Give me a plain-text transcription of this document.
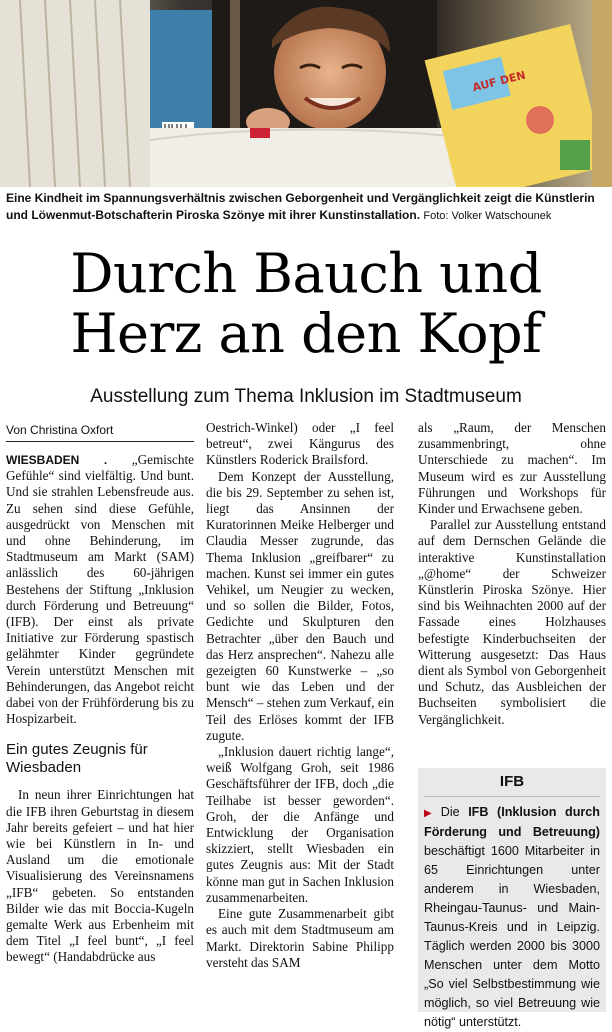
AUF DEN
Eine Kindheit im Spannungsverhältnis zwischen Geborgenheit und Vergänglichkeit zeigt die Künstlerin und Löwenmut-Botschafterin Piroska Szönye mit ihrer Kunstinstallation. Foto: Volker Watschounek
Durch Bauch und
Herz an den Kopf
Ausstellung zum Thema Inklusion im Stadtmuseum
Von Christina Oxfort

WIESBADEN . „Gemischte Gefühle“ sind vielfältig. Und bunt. Und sie strahlen Lebensfreude aus. Zu sehen sind diese Gefühle, ausgedrückt von Menschen mit und ohne Behinderung, im Stadtmuseum am Markt (SAM) anlässlich des 60-jährigen Bestehens der Stiftung „Inklusion durch Förderung und Betreuung“ (IFB). Der einst als private Initiative zur Förderung spastisch gelähmter Kinder gegründete Verein unterstützt Menschen mit Behinderungen, das Angebot reicht dabei von der Frühförderung bis zu Hospizarbeit.

Ein gutes Zeugnis für Wiesbaden

In neun ihrer Einrichtungen hat die IFB ihren Geburtstag in diesem Jahr bereits gefeiert – und hat hier wie bei Künstlern in In- und Ausland um die emotionale Visualisierung des Vereinsnamens „IFB“ gebeten. So entstanden Bilder wie das mit Boccia-Kugeln gemalte Werk aus Erbenheim mit dem Titel „I feel bunt“, „I feel bewegt“ (Handabdrücke aus

Oestrich-Winkel) oder „I feel betreut“, zwei Kängurus des Künstlers Roderick Brailsford.

Dem Konzept der Ausstellung, die bis 29. September zu sehen ist, liegt das Ansinnen der Kuratorinnen Meike Helberger und Claudia Messer zugrunde, das Thema Inklusion „greifbarer“ zu machen. Kunst sei immer ein gutes Vehikel, um Neugier zu wecken, und so sollen die Bilder, Fotos, Gedichte und Skulpturen den Betrachter „über den Bauch und das Herz ansprechen“. Nahezu alle gezeigten 60 Kunstwerke – „so bunt wie das Leben und der Mensch“ – stehen zum Verkauf, ein Teil des Erlöses kommt der IFB zugute.

„Inklusion dauert richtig lange“, weiß Wolfgang Groh, seit 1986 Geschäftsführer der IFB, doch „die Teilhabe ist besser geworden“. Groh, der die Anfänge und Entwicklung der Organisation skizziert, stellt Wiesbaden ein gutes Zeugnis aus: Mit der Stadt könne man gut in Sachen Inklusion zusammenarbeiten.

Eine gute Zusammenarbeit gibt es auch mit dem Stadtmuseum am Markt. Direktorin Sabine Philipp versteht das SAM

als „Raum, der Menschen zusammenbringt, ohne Unterschiede zu machen“. Im Museum wird es zur Ausstellung Führungen und Workshops für Kinder und Erwachsene geben.

Parallel zur Ausstellung entstand auf dem Dernschen Gelände die interaktive Kunstinstallation „@home“ der Schweizer Künstlerin Piroska Szönye. Hier sind bis Weihnachten 2000 auf der Fassade eines Holzhauses befestigte Kinderbuchseiten der Witterung ausgesetzt: Das Haus dient als Symbol von Geborgenheit und Schutz, das Ausbleichen der Buchseiten symbolisiert die Vergänglichkeit.

IFB
▶ Die IFB (Inklusion durch Förderung und Betreuung) beschäftigt 1600 Mitarbeiter in 65 Einrichtungen unter anderem in Wiesbaden, Rheingau-Taunus- und Main-Taunus-Kreis und in Leipzig. Täglich werden 2000 bis 3000 Menschen unter dem Motto „So viel Selbstbestimmung wie möglich, so viel Betreuung wie nötig“ unterstützt.
